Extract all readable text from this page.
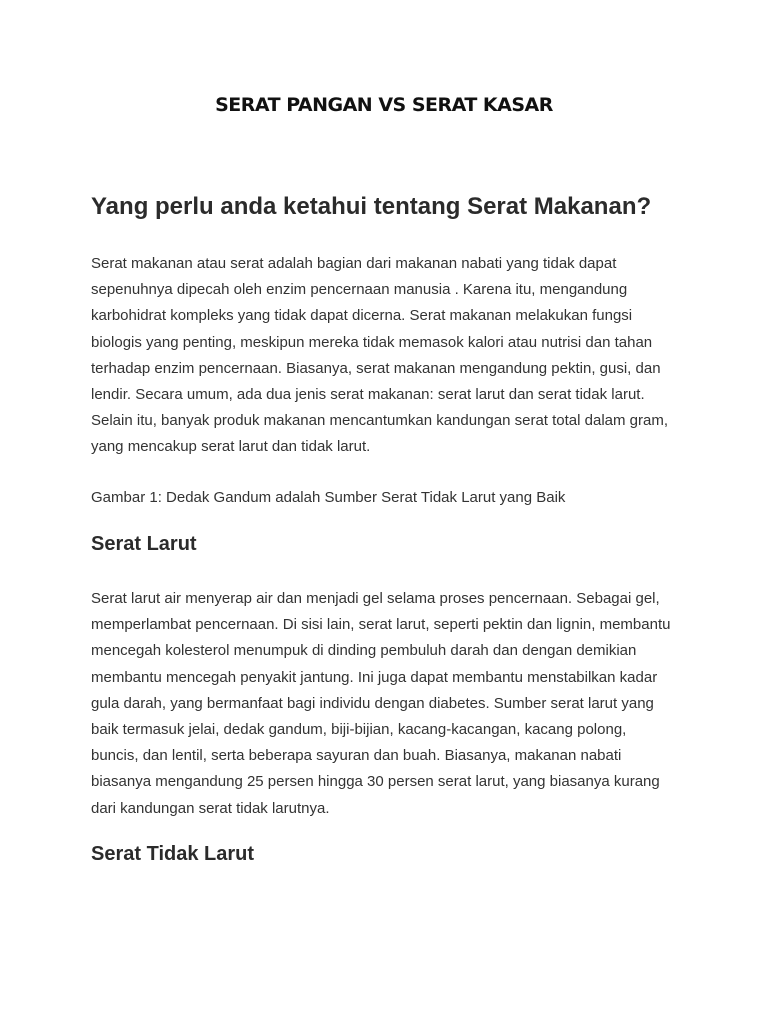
SERAT PANGAN VS SERAT KASAR
Yang perlu anda ketahui tentang Serat Makanan?

Serat makanan atau serat adalah bagian dari makanan nabati yang tidak dapat
sepenuhnya dipecah oleh enzim pencernaan manusia . Karena itu, mengandung
karbohidrat kompleks yang tidak dapat dicerna. Serat makanan melakukan fungsi
biologis yang penting, meskipun mereka tidak memasok kalori atau nutrisi dan tahan
terhadap enzim pencernaan. Biasanya, serat makanan mengandung pektin, gusi, dan
lendir. Secara umum, ada dua jenis serat makanan: serat larut dan serat tidak larut.
Selain itu, banyak produk makanan mencantumkan kandungan serat total dalam gram,
yang mencakup serat larut dan tidak larut.

Gambar 1: Dedak Gandum adalah Sumber Serat Tidak Larut yang Baik

Serat Larut

Serat larut air menyerap air dan menjadi gel selama proses pencernaan. Sebagai gel,
memperlambat pencernaan. Di sisi lain, serat larut, seperti pektin dan lignin, membantu
mencegah kolesterol menumpuk di dinding pembuluh darah dan dengan demikian
membantu mencegah penyakit jantung. Ini juga dapat membantu menstabilkan kadar
gula darah, yang bermanfaat bagi individu dengan diabetes. Sumber serat larut yang
baik termasuk jelai, dedak gandum, biji-bijian, kacang-kacangan, kacang polong,
buncis, dan lentil, serta beberapa sayuran dan buah. Biasanya, makanan nabati
biasanya mengandung 25 persen hingga 30 persen serat larut, yang biasanya kurang
dari kandungan serat tidak larutnya.

Serat Tidak Larut
